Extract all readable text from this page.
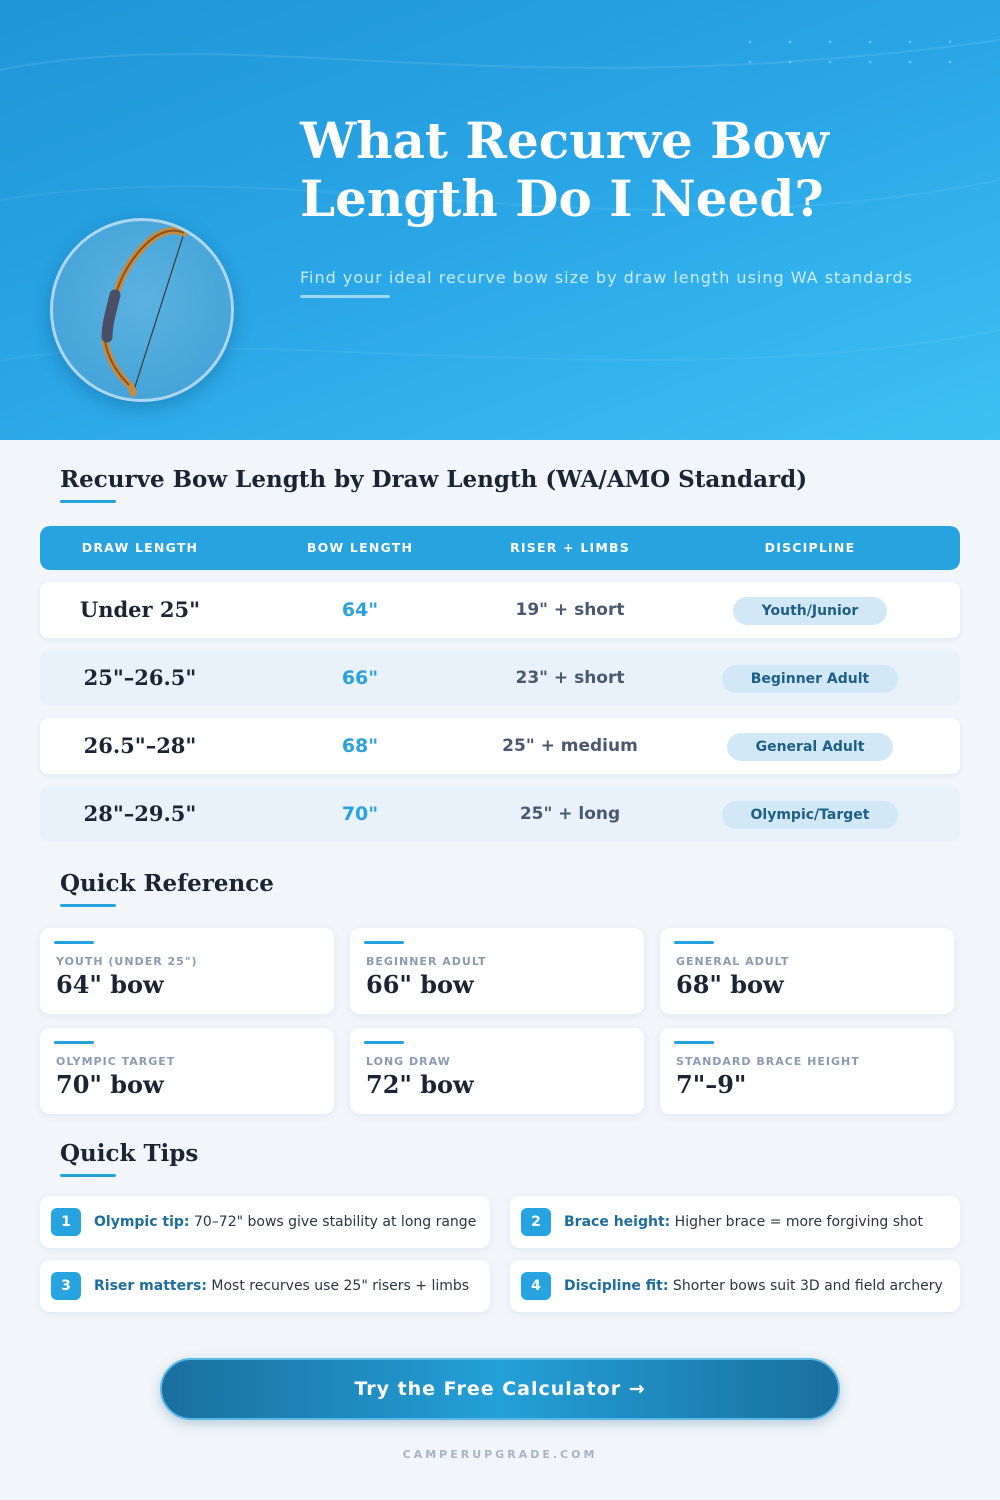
What Recurve Bow
Length Do I Need?
Find your ideal recurve bow size by draw length using WA standards
Recurve Bow Length by Draw Length (WA/AMO Standard)
DRAW LENGTH	BOW LENGTH	RISER + LIMBS	DISCIPLINE
Under 25"	64"	19" + short	Youth/Junior
25"–26.5"	66"	23" + short	Beginner Adult
26.5"–28"	68"	25" + medium	General Adult
28"–29.5"	70"	25" + long	Olympic/Target
Quick Reference
YOUTH (UNDER 25")
64" bow
BEGINNER ADULT
66" bow
GENERAL ADULT
68" bow
OLYMPIC TARGET
70" bow
LONG DRAW
72" bow
STANDARD BRACE HEIGHT
7"–9"
Quick Tips
1	Olympic tip: 70–72" bows give stability at long range	2	Brace height: Higher brace = more forgiving shot
3	Riser matters: Most recurves use 25" risers + limbs	4	Discipline fit: Shorter bows suit 3D and field archery
Try the Free Calculator →
CAMPERUPGRADE.COM
